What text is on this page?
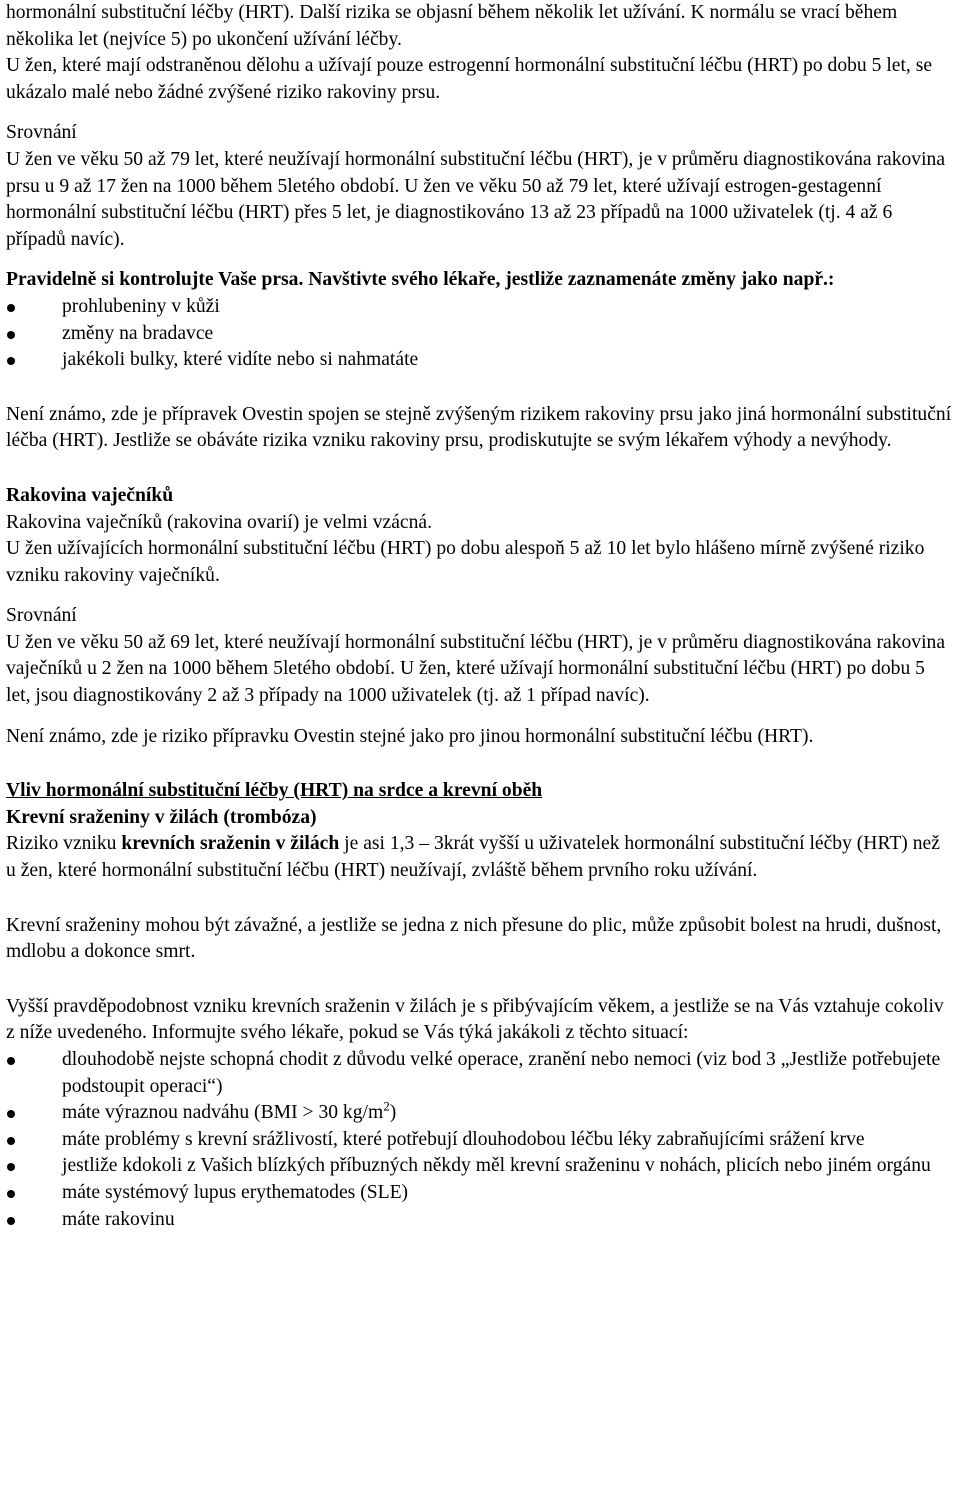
hormonální substituční léčby (HRT). Další rizika se objasní během několik let užívání. K normálu se vrací během několika let (nejvíce 5) po ukončení užívání léčby.

U žen, které mají odstraněnou dělohu a užívají pouze estrogenní hormonální substituční léčbu (HRT) po dobu 5 let, se ukázalo malé nebo žádné zvýšené riziko rakoviny prsu.

Srovnání

U žen ve věku 50 až 79 let, které neužívají hormonální substituční léčbu (HRT), je v průměru diagnostikována rakovina prsu u 9 až 17 žen na 1000 během 5letého období. U žen ve věku 50 až 79 let, které užívají estrogen-gestagenní hormonální substituční léčbu (HRT) přes 5 let, je diagnostikováno 13 až 23 případů na 1000 uživatelek (tj. 4 až 6 případů navíc).

Pravidelně si kontrolujte Vaše prsa. Navštivte svého lékaře, jestliže zaznamenáte změny jako např.:

prohlubeniny v kůži
změny na bradavce
jakékoli bulky, které vidíte nebo si nahmatáte

Není známo, zde je přípravek Ovestin spojen se stejně zvýšeným rizikem rakoviny prsu jako jiná hormonální substituční léčba (HRT). Jestliže se obáváte rizika vzniku rakoviny prsu, prodiskutujte se svým lékařem výhody a nevýhody.

Rakovina vaječníků

Rakovina vaječníků (rakovina ovarií) je velmi vzácná.

U žen užívajících hormonální substituční léčbu (HRT) po dobu alespoň 5 až 10 let bylo hlášeno mírně zvýšené riziko vzniku rakoviny vaječníků.

Srovnání

U žen ve věku 50 až 69 let, které neužívají hormonální substituční léčbu (HRT), je v průměru diagnostikována rakovina vaječníků u 2 žen na 1000 během 5letého období. U žen, které užívají hormonální substituční léčbu (HRT) po dobu 5 let, jsou diagnostikovány 2 až 3 případy na 1000 uživatelek (tj. až 1 případ navíc).

Není známo, zde je riziko přípravku Ovestin stejné jako pro jinou hormonální substituční léčbu (HRT).

Vliv hormonální substituční léčby (HRT) na srdce a krevní oběh

Krevní sraženiny v žilách (trombóza)

Riziko vzniku krevních sraženin v žilách je asi 1,3 – 3krát vyšší u uživatelek hormonální substituční léčby (HRT) než u žen, které hormonální substituční léčbu (HRT) neužívají, zvláště během prvního roku užívání.

Krevní sraženiny mohou být závažné, a jestliže se jedna z nich přesune do plic, může způsobit bolest na hrudi, dušnost, mdlobu a dokonce smrt.

Vyšší pravděpodobnost vzniku krevních sraženin v žilách je s přibývajícím věkem, a jestliže se na Vás vztahuje cokoliv z níže uvedeného. Informujte svého lékaře, pokud se Vás týká jakákoli z těchto situací:

dlouhodobě nejste schopná chodit z důvodu velké operace, zranění nebo nemoci (viz bod 3 „Jestliže potřebujete podstoupit operaci“)
máte výraznou nadváhu (BMI > 30 $kg/m^2$)
máte problémy s krevní srážlivostí, které potřebují dlouhodobou léčbu léky zabraňujícími srážení krve
jestliže kdokoli z Vašich blízkých příbuzných někdy měl krevní sraženinu v nohách, plicích nebo jiném orgánu
máte systémový lupus erythematodes (SLE)
máte rakovinu
